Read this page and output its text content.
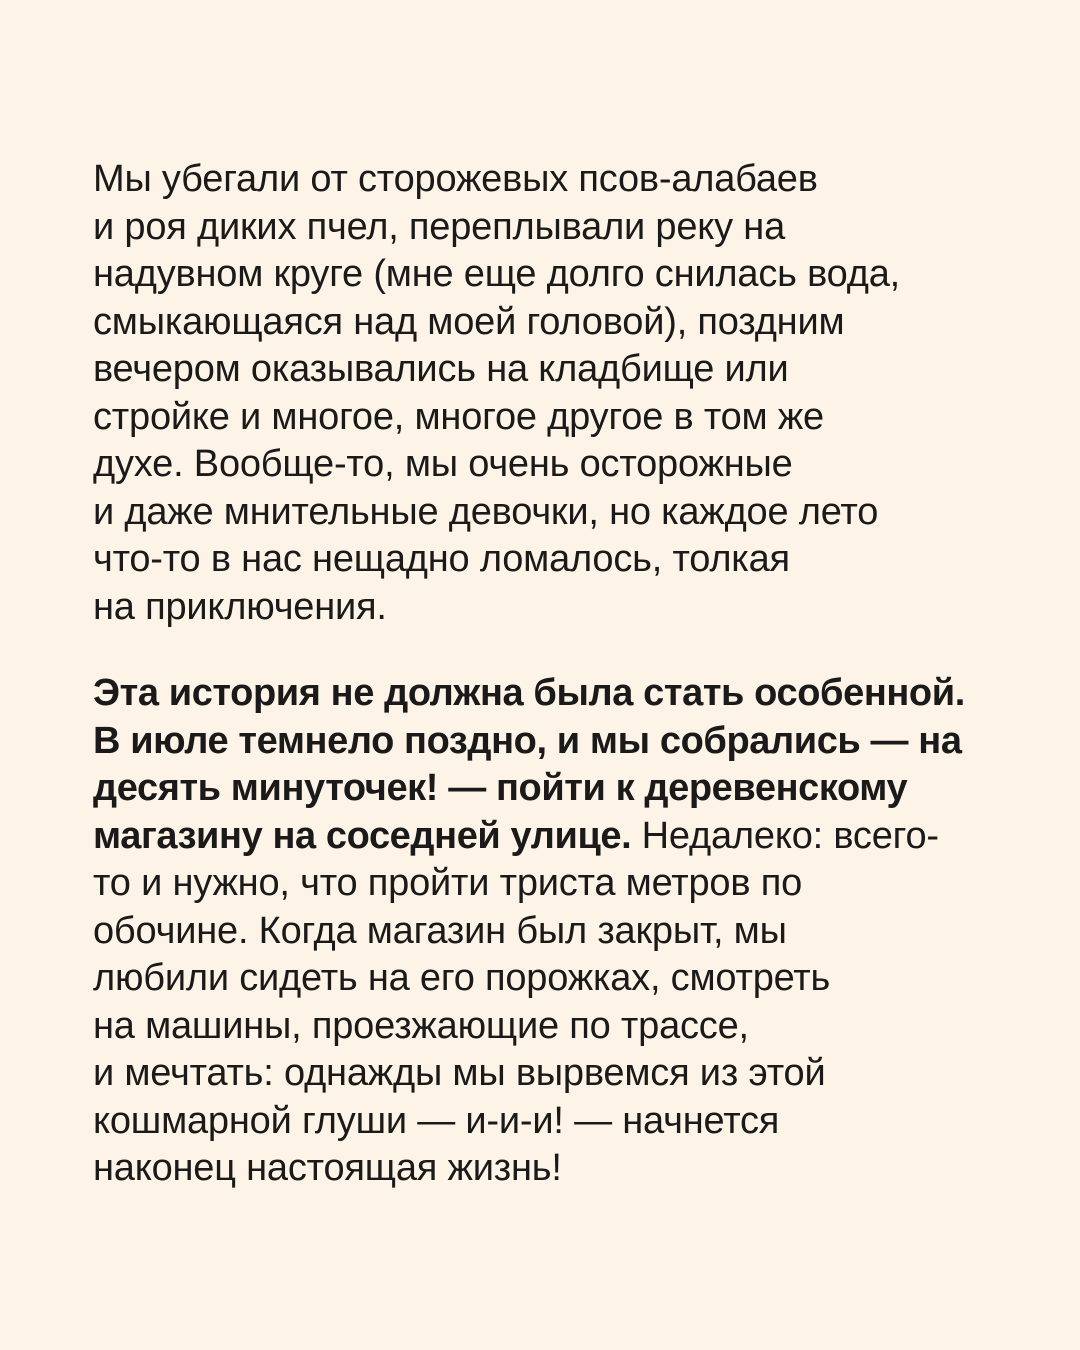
Мы убегали от сторожевых псов-алабаев
и роя диких пчел, переплывали реку на
надувном круге (мне еще долго снилась вода,
смыкающаяся над моей головой), поздним
вечером оказывались на кладбище или
стройке и многое, многое другое в том же
духе. Вообще-то, мы очень осторожные
и даже мнительные девочки, но каждое лето
что-то в нас нещадно ломалось, толкая
на приключения.
Эта история не должна была стать особенной.
В июле темнело поздно, и мы собрались — на
десять минуточек! — пойти к деревенскому
магазину на соседней улице. Недалеко: всего-
то и нужно, что пройти триста метров по
обочине. Когда магазин был закрыт, мы
любили сидеть на его порожках, смотреть
на машины, проезжающие по трассе,
и мечтать: однажды мы вырвемся из этой
кошмарной глуши — и-и-и! — начнется
наконец настоящая жизнь!
